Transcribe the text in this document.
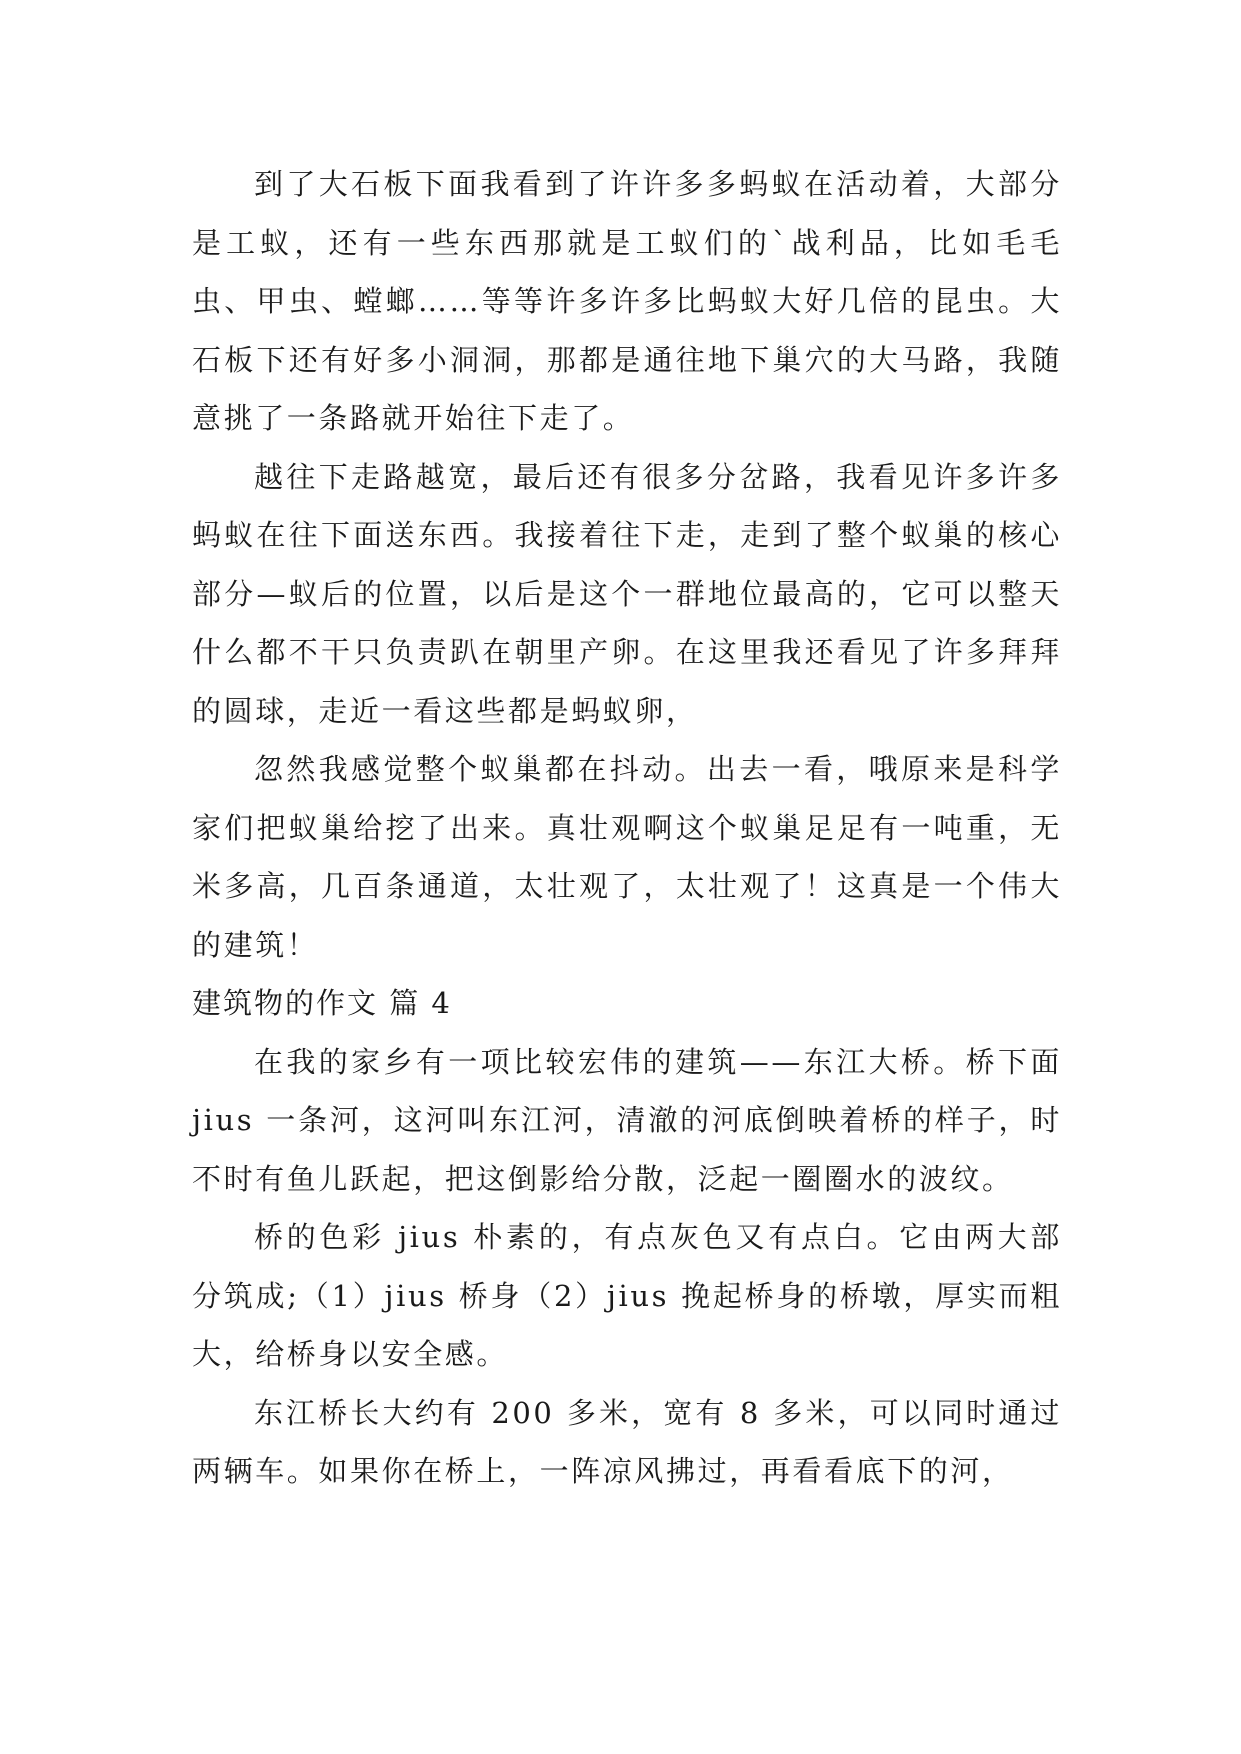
到了大石板下面我看到了许许多多蚂蚁在活动着，大部分是工蚁，还有一些东西那就是工蚁们的`战利品，比如毛毛虫、甲虫、螳螂……等等许多许多比蚂蚁大好几倍的昆虫。大石板下还有好多小洞洞，那都是通往地下巢穴的大马路，我随意挑了一条路就开始往下走了。

越往下走路越宽，最后还有很多分岔路，我看见许多许多蚂蚁在往下面送东西。我接着往下走，走到了整个蚁巢的核心部分—蚁后的位置，以后是这个一群地位最高的，它可以整天什么都不干只负责趴在朝里产卵。在这里我还看见了许多拜拜的圆球，走近一看这些都是蚂蚁卵，

忽然我感觉整个蚁巢都在抖动。出去一看，哦原来是科学家们把蚁巢给挖了出来。真壮观啊这个蚁巢足足有一吨重，无米多高，几百条通道，太壮观了，太壮观了！这真是一个伟大的建筑！

建筑物的作文 篇 4

在我的家乡有一项比较宏伟的建筑——东江大桥。桥下面 jius 一条河，这河叫东江河，清澈的河底倒映着桥的样子，时不时有鱼儿跃起，把这倒影给分散，泛起一圈圈水的波纹。

桥的色彩 jius 朴素的，有点灰色又有点白。它由两大部分筑成;（1）jius 桥身（2）jius 挽起桥身的桥墩，厚实而粗大，给桥身以安全感。

东江桥长大约有 200 多米，宽有 8 多米，可以同时通过两辆车。如果你在桥上，一阵凉风拂过，再看看底下的河，
